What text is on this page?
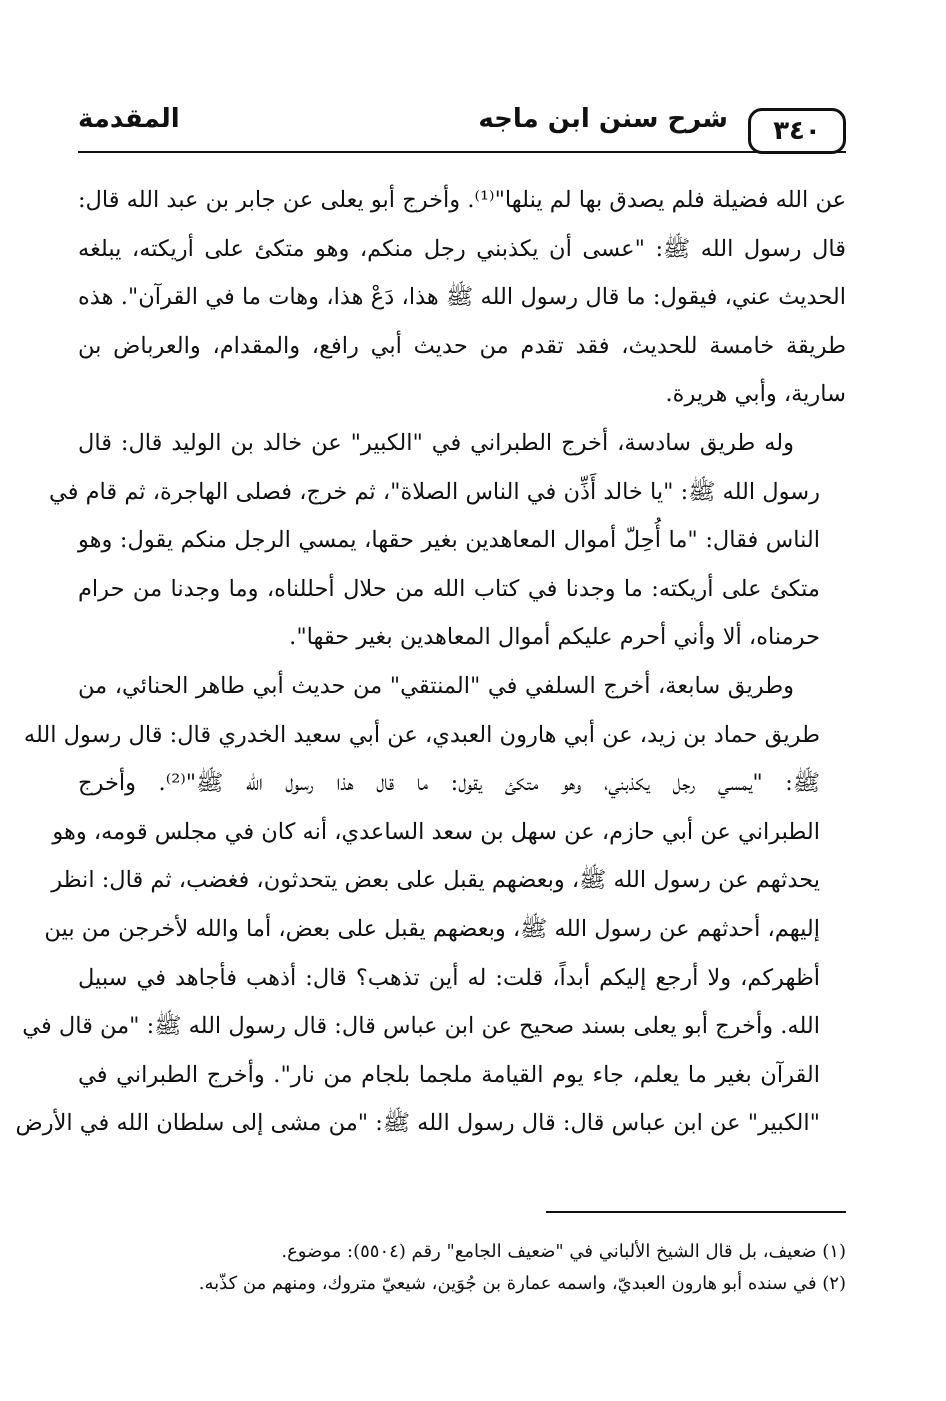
٣٤٠
شرح سنن ابن ماجه
المقدمة
عن الله فضيلة فلم يصدق بها لم ينلها"⁽¹⁾. وأخرج أبو يعلى عن جابر بن عبد الله قال:
قال رسول الله ﷺ: "عسى أن يكذبني رجل منكم، وهو متكئ على أريكته، يبلغه
الحديث عني، فيقول: ما قال رسول الله ﷺ هذا، دَعْ هذا، وهات ما في القرآن". هذه
طريقة خامسة للحديث، فقد تقدم من حديث أبي رافع، والمقدام، والعرباض بن
سارية، وأبي هريرة.
وله طريق سادسة، أخرج الطبراني في "الكبير" عن خالد بن الوليد قال: قال
رسول الله ﷺ: "يا خالد أَذِّن في الناس الصلاة"، ثم خرج، فصلى الهاجرة، ثم قام في
الناس فقال: "ما أُحِلّ أموال المعاهدين بغير حقها، يمسي الرجل منكم يقول: وهو
متكئ على أريكته: ما وجدنا في كتاب الله من حلال أحللناه، وما وجدنا من حرام
حرمناه، ألا وأني أحرم عليكم أموال المعاهدين بغير حقها".
وطريق سابعة، أخرج السلفي في "المنتقي" من حديث أبي طاهر الحنائي، من
طريق حماد بن زيد، عن أبي هارون العبدي، عن أبي سعيد الخدري قال: قال رسول الله
ﷺ: "يمسي رجل يكذبني، وهو متكئ يقول: ما قال هذا رسول الله ﷺ"⁽²⁾. وأخرج
الطبراني عن أبي حازم، عن سهل بن سعد الساعدي، أنه كان في مجلس قومه، وهو
يحدثهم عن رسول الله ﷺ، وبعضهم يقبل على بعض يتحدثون، فغضب، ثم قال: انظر
إليهم، أحدثهم عن رسول الله ﷺ، وبعضهم يقبل على بعض، أما والله لأخرجن من بين
أظهركم، ولا أرجع إليكم أبداً، قلت: له أين تذهب؟ قال: أذهب فأجاهد في سبيل
الله. وأخرج أبو يعلى بسند صحيح عن ابن عباس قال: قال رسول الله ﷺ: "من قال في
القرآن بغير ما يعلم، جاء يوم القيامة ملجما بلجام من نار". وأخرج الطبراني في
"الكبير" عن ابن عباس قال: قال رسول الله ﷺ: "من مشى إلى سلطان الله في الأرض
(١) ضعيف، بل قال الشيخ الألباني في "ضعيف الجامع" رقم (٥٥٠٤): موضوع.
(٢) في سنده أبو هارون العبديّ، واسمه عمارة بن جُوَين، شيعيّ متروك، ومنهم من كذّبه.
